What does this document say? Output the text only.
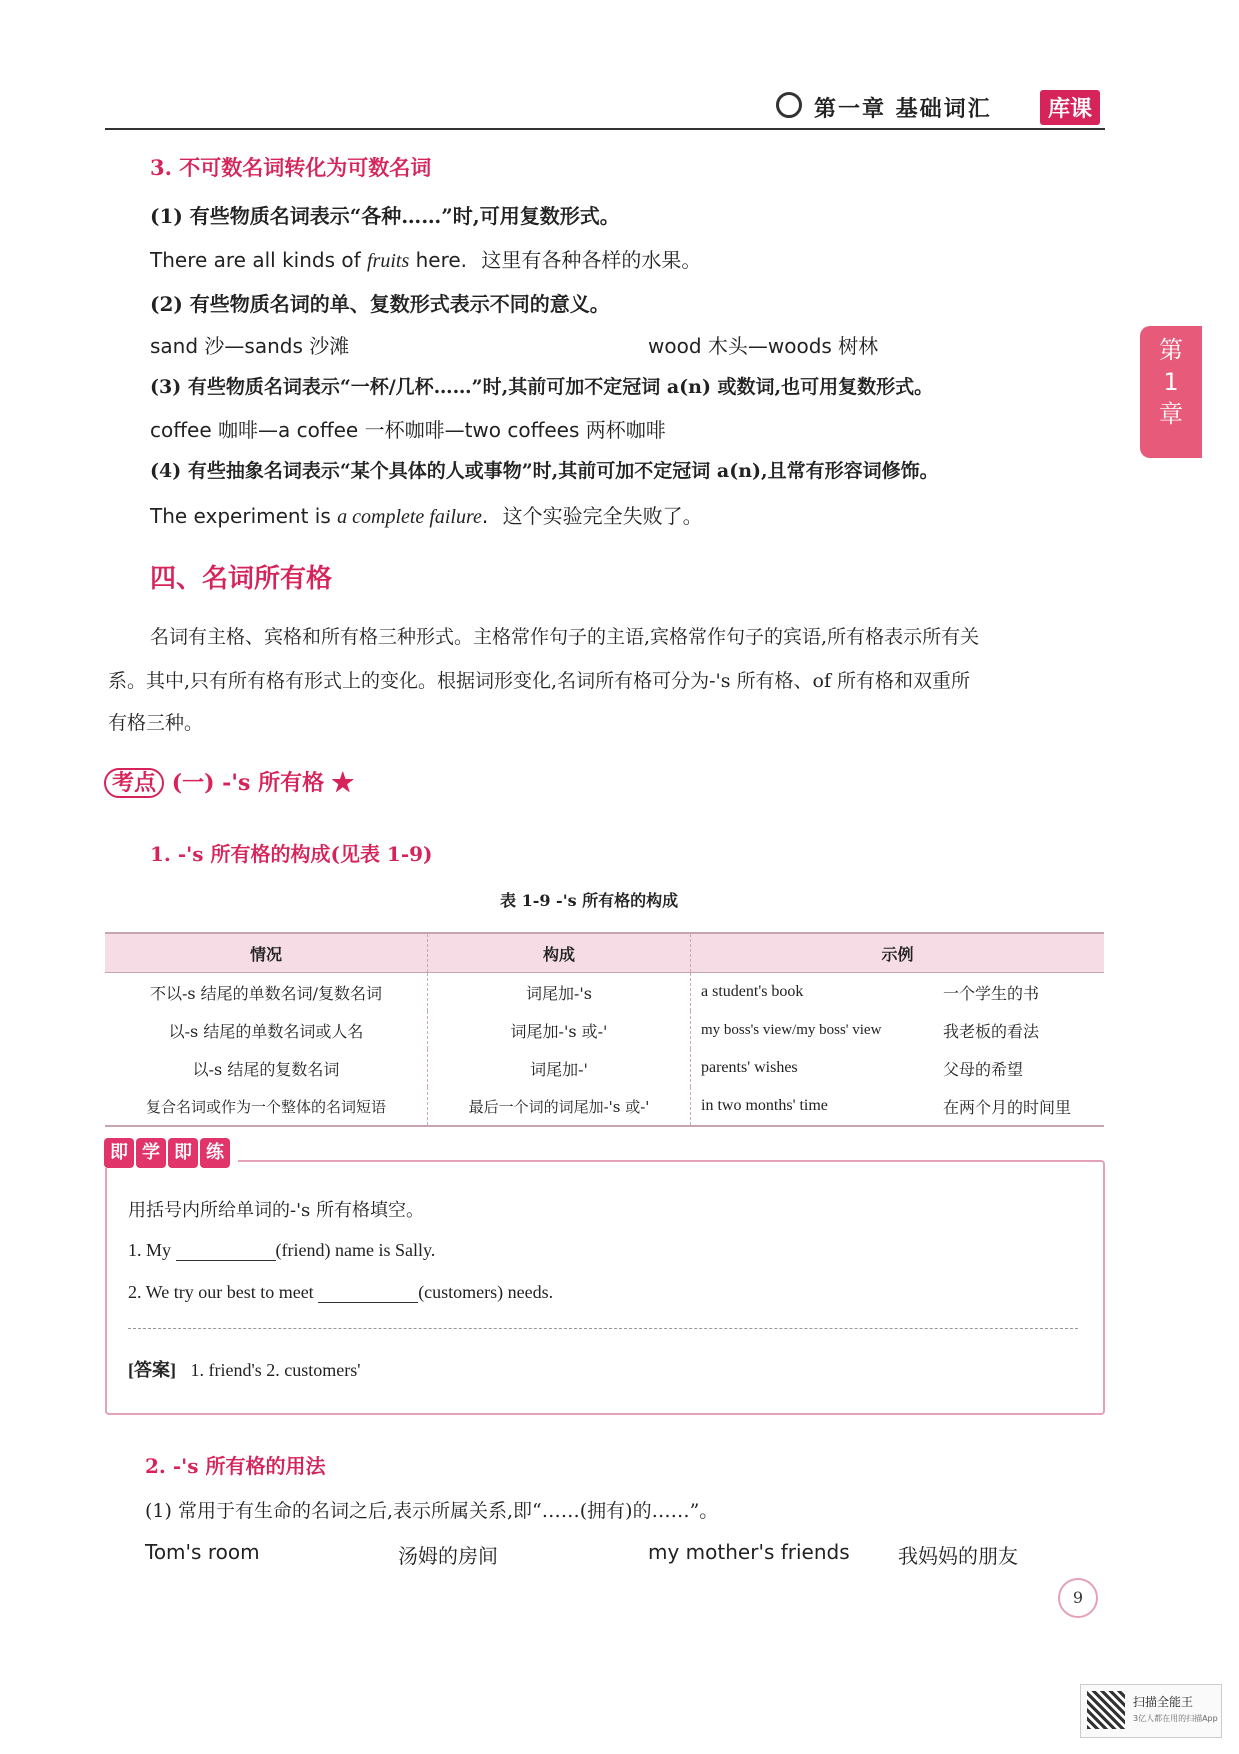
第一章 基础词汇	库课
第
1
章
3. 不可数名词转化为可数名词
(1) 有些物质名词表示“各种……”时,可用复数形式。
There are all kinds of fruits here. 这里有各种各样的水果。
(2) 有些物质名词的单、复数形式表示不同的意义。
sand 沙—sands 沙滩	wood 木头—woods 树林
(3) 有些物质名词表示“一杯/几杯……”时,其前可加不定冠词 a(n) 或数词,也可用复数形式。
coffee 咖啡—a coffee 一杯咖啡—two coffees 两杯咖啡
(4) 有些抽象名词表示“某个具体的人或事物”时,其前可加不定冠词 a(n),且常有形容词修饰。
The experiment is a complete failure. 这个实验完全失败了。
四、名词所有格
名词有主格、宾格和所有格三种形式。主格常作句子的主语,宾格常作句子的宾语,所有格表示所有关
系。其中,只有所有格有形式上的变化。根据词形变化,名词所有格可分为-'s 所有格、of 所有格和双重所
有格三种。
考点 (一) -'s 所有格 ★
1. -'s 所有格的构成(见表 1-9)
表 1-9 -'s 所有格的构成
情况	构成	示例	
不以-s 结尾的单数名词/复数名词	词尾加-'s	a student's book	一个学生的书
以-s 结尾的单数名词或人名	词尾加-'s 或-'	my boss's view/my boss' view	我老板的看法
以-s 结尾的复数名词	词尾加-'	parents' wishes	父母的希望
复合名词或作为一个整体的名词短语	最后一个词的词尾加-'s 或-'	in two months' time	在两个月的时间里
即 学 即 练
用括号内所给单词的-'s 所有格填空。
1. My	(friend) name is Sally.
2. We try our best to meet	(customers) needs.
[答案] 1. friend's 2. customers'
2. -'s 所有格的用法
(1) 常用于有生命的名词之后,表示所属关系,即“……(拥有)的……”。
Tom's room	汤姆的房间	my mother's friends 我妈妈的朋友
9
扫描全能王
3亿人都在用的扫描App
